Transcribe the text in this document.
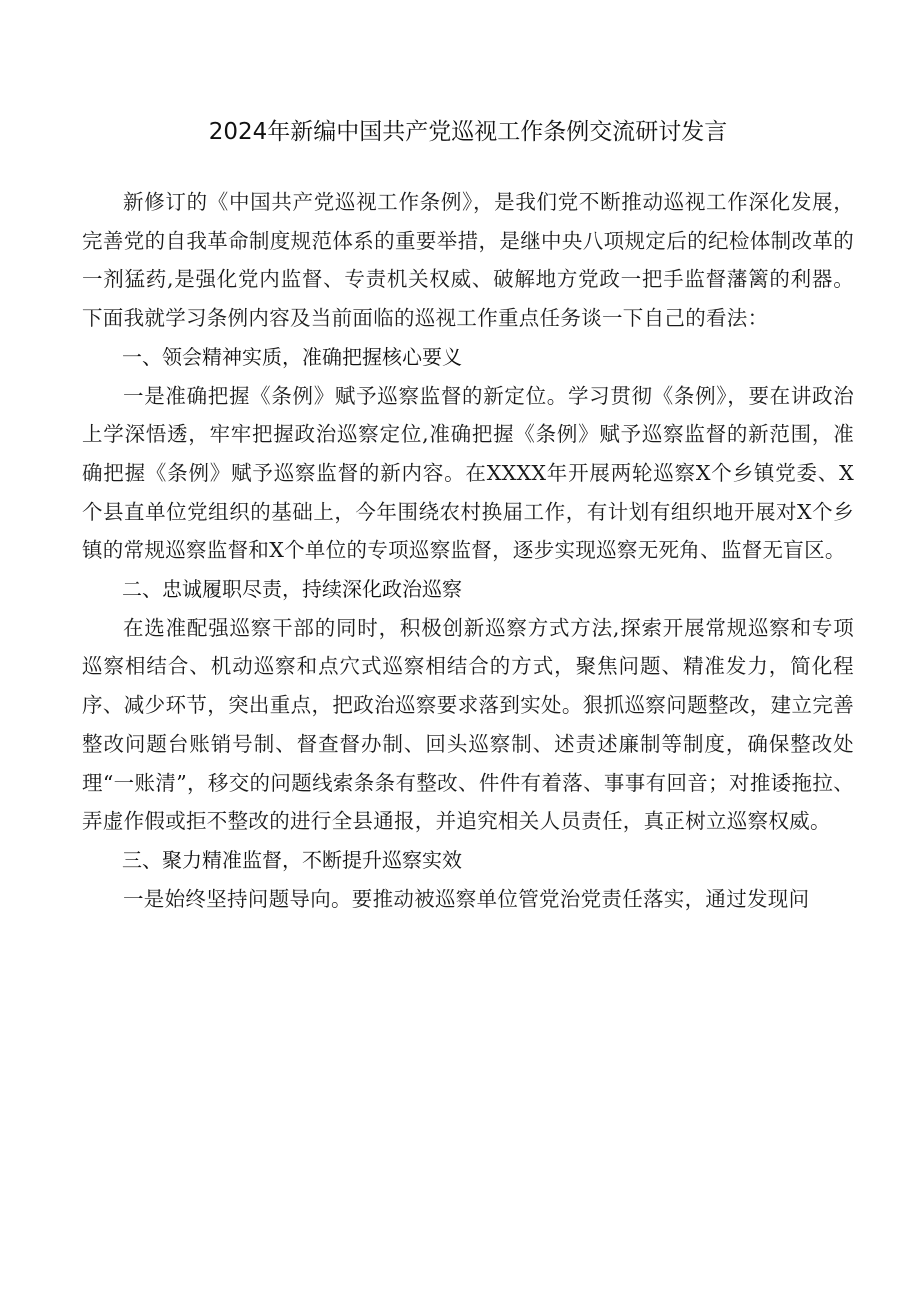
2024年新编中国共产党巡视工作条例交流研讨发言

新修订的《中国共产党巡视工作条例》，是我们党不断推动巡视工作深化发展，完善党的自我革命制度规范体系的重要举措，是继中央八项规定后的纪检体制改革的一剂猛药,是强化党内监督、专责机关权威、破解地方党政一把手监督藩篱的利器。下面我就学习条例内容及当前面临的巡视工作重点任务谈一下自己的看法：

一、领会精神实质，准确把握核心要义

一是准确把握《条例》赋予巡察监督的新定位。学习贯彻《条例》，要在讲政治上学深悟透，牢牢把握政治巡察定位,准确把握《条例》赋予巡察监督的新范围，准确把握《条例》赋予巡察监督的新内容。在XXXX年开展两轮巡察X个乡镇党委、X个县直单位党组织的基础上，今年围绕农村换届工作，有计划有组织地开展对X个乡镇的常规巡察监督和X个单位的专项巡察监督，逐步实现巡察无死角、监督无盲区。

二、忠诚履职尽责，持续深化政治巡察

在选准配强巡察干部的同时，积极创新巡察方式方法,探索开展常规巡察和专项巡察相结合、机动巡察和点穴式巡察相结合的方式，聚焦问题、精准发力，简化程序、减少环节，突出重点，把政治巡察要求落到实处。狠抓巡察问题整改，建立完善整改问题台账销号制、督查督办制、回头巡察制、述责述廉制等制度，确保整改处理“一账清”，移交的问题线索条条有整改、件件有着落、事事有回音；对推诿拖拉、弄虚作假或拒不整改的进行全县通报，并追究相关人员责任，真正树立巡察权威。

三、聚力精准监督，不断提升巡察实效

一是始终坚持问题导向。要推动被巡察单位管党治党责任落实，通过发现问
